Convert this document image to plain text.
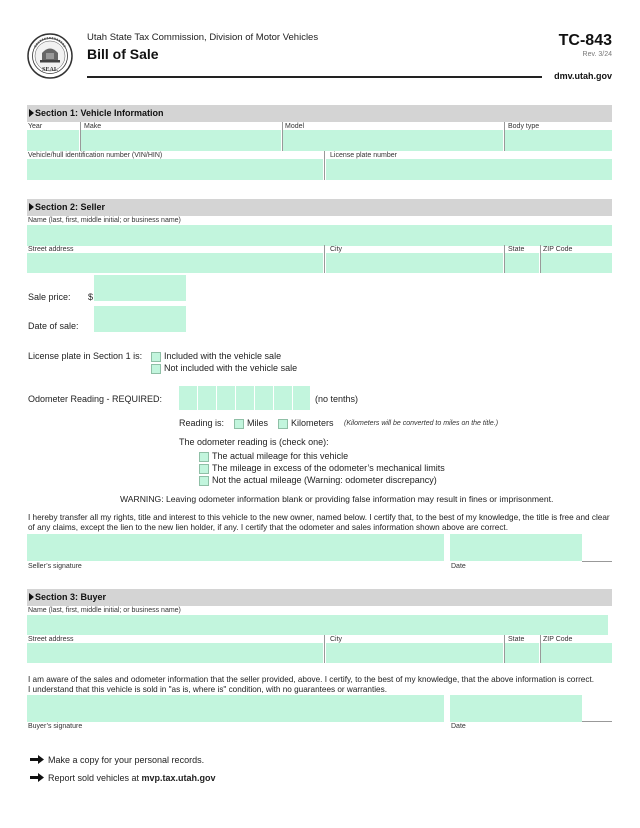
SEAL
Utah State Tax Commission, Division of Motor Vehicles
Bill of Sale
TC-843
Rev. 3/24
dmv.utah.gov
Section 1: Vehicle Information
Year	Make	Model	Body type
Vehicle/hull identification number (VIN/HIN)	License plate number
Section 2: Seller
Name (last, first, middle initial; or business name)
Street address	City	State	ZIP Code
Sale price: $
Date of sale:
License plate in Section 1 is: Included with the vehicle sale
Not included with the vehicle sale
Odometer Reading - REQUIRED:	(no tenths)
Reading is:	Miles	Kilometers (Kilometers will be converted to miles on the title.)
The odometer reading is (check one):
The actual mileage for this vehicle
The mileage in excess of the odometer’s mechanical limits
Not the actual mileage (Warning: odometer discrepancy)
WARNING: Leaving odometer information blank or providing false information may result in fines or imprisonment.
I hereby transfer all my rights, title and interest to this vehicle to the new owner, named below. I certify that, to the best of my knowledge, the title is free and clear of any claims, except the lien to the new lien holder, if any. I certify that the odometer and sales information shown above are correct.
Seller’s signature	Date
Section 3: Buyer
Name (last, first, middle initial; or business name)
Street address	City	State	ZIP Code
I am aware of the sales and odometer information that the seller provided, above. I certify, to the best of my knowledge, that the above information is correct. I understand that this vehicle is sold in "as is, where is" condition, with no guarantees or warranties.
Buyer’s signature	Date
Make a copy for your personal records.
Report sold vehicles at mvp.tax.utah.gov
